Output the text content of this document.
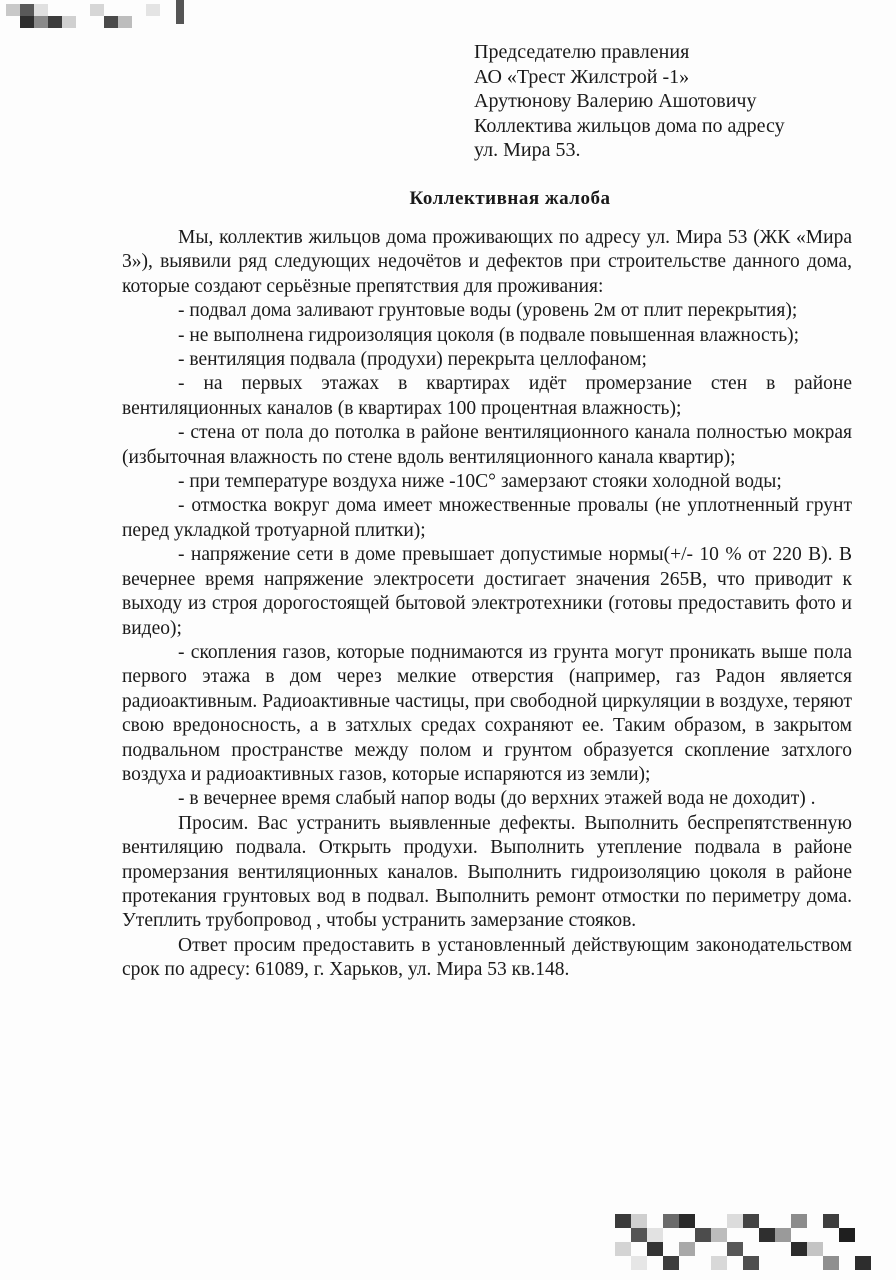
Председателю правления
АО «Трест Жилстрой -1»
Арутюнову Валерию Ашотовичу
Коллектива жильцов дома по адресу
ул. Мира 53.
Коллективная жалоба

Мы, коллектив жильцов дома проживающих по адресу ул. Мира 53 (ЖК «Мира 3»), выявили ряд следующих недочётов и дефектов при строительстве данного дома, которые создают серьёзные препятствия для проживания:

- подвал дома заливают грунтовые воды (уровень 2м от плит перекрытия);

- не выполнена гидроизоляция цоколя (в подвале повышенная влажность);

- вентиляция подвала (продухи) перекрыта целлофаном;

- на первых этажах в квартирах идёт промерзание стен в районе вентиляционных каналов (в квартирах 100 процентная влажность);

- стена от пола до потолка в районе вентиляционного канала полностью мокрая (избыточная влажность по стене вдоль вентиляционного канала квартир);

- при температуре воздуха ниже -10С° замерзают стояки холодной воды;

- отмостка вокруг дома имеет множественные провалы (не уплотненный грунт перед укладкой тротуарной плитки);

- напряжение сети в доме превышает допустимые нормы(+/- 10 % от 220 В). В вечернее время напряжение электросети достигает значения 265В, что приводит к выходу из строя дорогостоящей бытовой электротехники (готовы предоставить фото и видео);

- скопления газов, которые поднимаются из грунта могут проникать выше пола первого этажа в дом через мелкие отверстия (например, газ Радон является радиоактивным. Радиоактивные частицы, при свободной циркуляции в воздухе, теряют свою вредоносность, а в затхлых средах сохраняют ее. Таким образом, в закрытом подвальном пространстве между полом и грунтом образуется скопление затхлого воздуха и радиоактивных газов, которые испаряются из земли);

- в вечернее время слабый напор воды (до верхних этажей вода не доходит) .

Просим. Вас устранить выявленные дефекты. Выполнить беспрепятственную вентиляцию подвала. Открыть продухи. Выполнить утепление подвала в районе промерзания вентиляционных каналов. Выполнить гидроизоляцию цоколя в районе протекания грунтовых вод в подвал. Выполнить ремонт отмостки по периметру дома. Утеплить трубопровод , чтобы устранить замерзание стояков.

Ответ просим предоставить в установленный действующим законодательством срок по адресу: 61089, г. Харьков, ул. Мира 53 кв.148.
